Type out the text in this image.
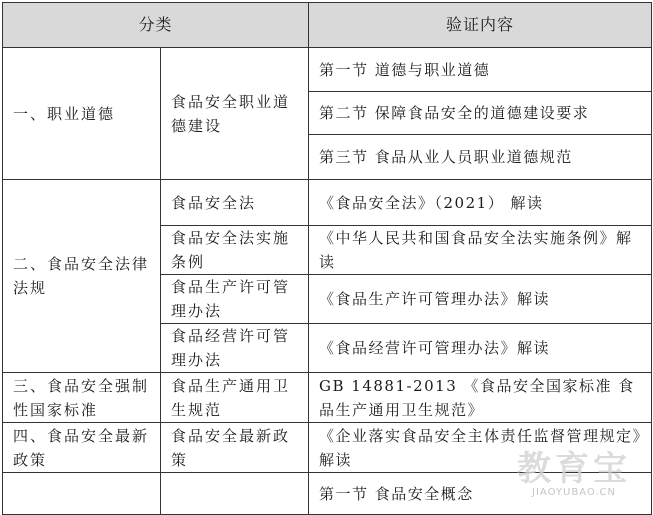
分类		验证内容
一、职业道德	食品安全职业道德建设	第一节 道德与职业道德
		第二节 保障食品安全的道德建设要求
		第三节 食品从业人员职业道德规范
二、食品安全法律法规	食品安全法	《食品安全法》（2021） 解读
	食品安全法实施条例	《中华人民共和国食品安全法实施条例》解读
	食品生产许可管理办法	《食品生产许可管理办法》解读
	食品经营许可管理办法	《食品经营许可管理办法》解读
三、食品安全强制性国家标准	食品生产通用卫生规范	GB 14881-2013 《食品安全国家标准 食品生产通用卫生规范》
四、食品安全最新政策	食品安全最新政策	《企业落实食品安全主体责任监督管理规定》解读
		第一节 食品安全概念
教育宝
JIAOYUBAO.CN
